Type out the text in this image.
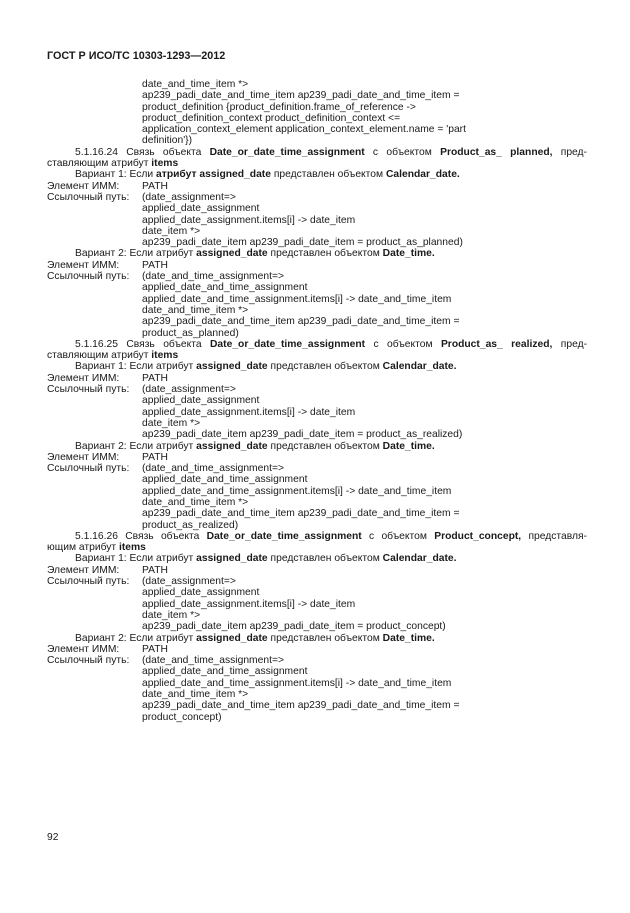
ГОСТ Р ИСО/ТС 10303-1293—2012
date_and_time_item *>
ap239_padi_date_and_time_item ap239_padi_date_and_time_item =
product_definition {product_definition.frame_of_reference ->
product_definition_context product_definition_context <=
application_context_element application_context_element.name = 'part
definition'})
5.1.16.24 Связь объекта Date_or_date_time_assignment с объектом Product_as_ planned, пред-
ставляющим атрибут items
Вариант 1: Если атрибут assigned_date представлен объектом Calendar_date.
Элемент ИММ: PATH
Ссылочный путь: (date_assignment=>
applied_date_assignment
applied_date_assignment.items[i] -> date_item
date_item *>
ap239_padi_date_item ap239_padi_date_item = product_as_planned)
Вариант 2: Если атрибут assigned_date представлен объектом Date_time.
Элемент ИММ: PATH
Ссылочный путь: (date_and_time_assignment=>
applied_date_and_time_assignment
applied_date_and_time_assignment.items[i] -> date_and_time_item
date_and_time_item *>
ap239_padi_date_and_time_item ap239_padi_date_and_time_item =
product_as_planned)
5.1.16.25 Связь объекта Date_or_date_time_assignment с объектом Product_as_ realized, пред-
ставляющим атрибут items
Вариант 1: Если атрибут assigned_date представлен объектом Calendar_date.
Элемент ИММ: PATH
Ссылочный путь: (date_assignment=>
applied_date_assignment
applied_date_assignment.items[i] -> date_item
date_item *>
ap239_padi_date_item ap239_padi_date_item = product_as_realized)
Вариант 2: Если атрибут assigned_date представлен объектом Date_time.
Элемент ИММ: PATH
Ссылочный путь: (date_and_time_assignment=>
applied_date_and_time_assignment
applied_date_and_time_assignment.items[i] -> date_and_time_item
date_and_time_item *>
ap239_padi_date_and_time_item ap239_padi_date_and_time_item =
product_as_realized)
5.1.16.26 Связь объекта Date_or_date_time_assignment с объектом Product_concept, представля-
ющим атрибут items
Вариант 1: Если атрибут assigned_date представлен объектом Calendar_date.
Элемент ИММ: PATH
Ссылочный путь: (date_assignment=>
applied_date_assignment
applied_date_assignment.items[i] -> date_item
date_item *>
ap239_padi_date_item ap239_padi_date_item = product_concept)
Вариант 2: Если атрибут assigned_date представлен объектом Date_time.
Элемент ИММ: PATH
Ссылочный путь: (date_and_time_assignment=>
applied_date_and_time_assignment
applied_date_and_time_assignment.items[i] -> date_and_time_item
date_and_time_item *>
ap239_padi_date_and_time_item ap239_padi_date_and_time_item =
product_concept)
92
